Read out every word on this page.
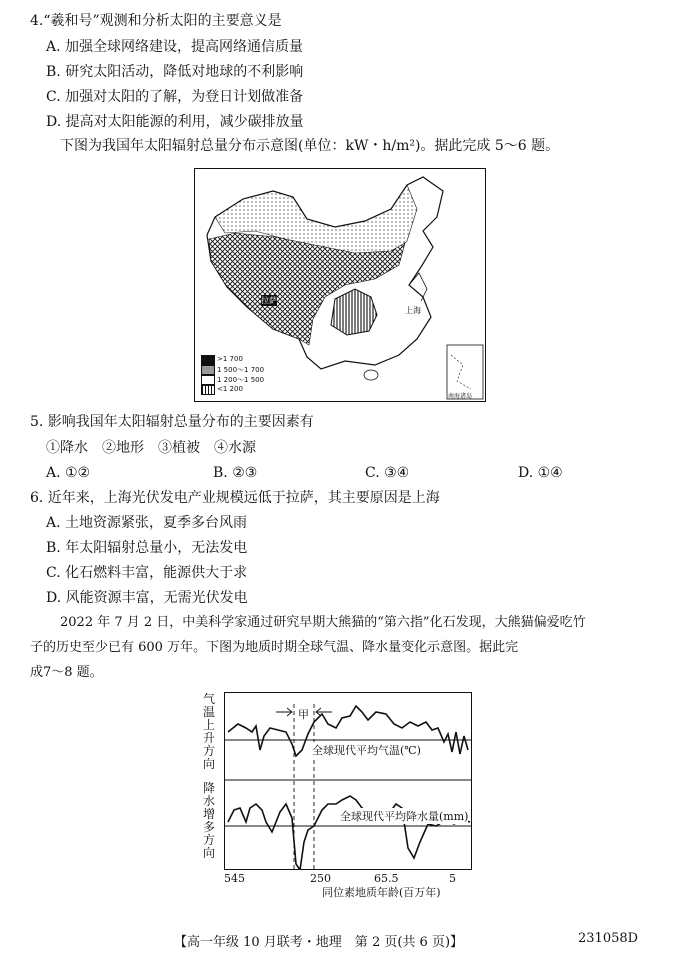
4.“羲和号”观测和分析太阳的主要意义是
A. 加强全球网络建设，提高网络通信质量
B. 研究太阳活动，降低对地球的不利影响
C. 加强对太阳的了解，为登日计划做准备
D. 提高对太阳能源的利用，减少碳排放量
下图为我国年太阳辐射总量分布示意图(单位：kW・h/m²)。据此完成 5～6 题。
上海
拉萨
南海诸岛
>1 700
1 500～1 700
1 200～1 500
<1 200
5. 影响我国年太阳辐射总量分布的主要因素有
①降水　②地形　③植被　④水源
A. ①②	B. ②③	C. ③④	D. ①④
6. 近年来，上海光伏发电产业规模远低于拉萨，其主要原因是上海
A. 土地资源紧张，夏季多台风雨
B. 年太阳辐射总量小，无法发电
C. 化石燃料丰富，能源供大于求
D. 风能资源丰富，无需光伏发电
2022 年 7 月 2 日，中美科学家通过研究早期大熊猫的“第六指”化石发现，大熊猫偏爱吃竹
子的历史至少已有 600 万年。下图为地质时期全球气温、降水量变化示意图。据此完
成7～8 题。
气温上升方向
降水增多方向
甲
全球现代平均气温(℃)
全球现代平均降水量(mm)
545	250	65.5	5
同位素地质年龄(百万年)
【高一年级 10 月联考・地理　第 2 页(共 6 页)】	231058D
